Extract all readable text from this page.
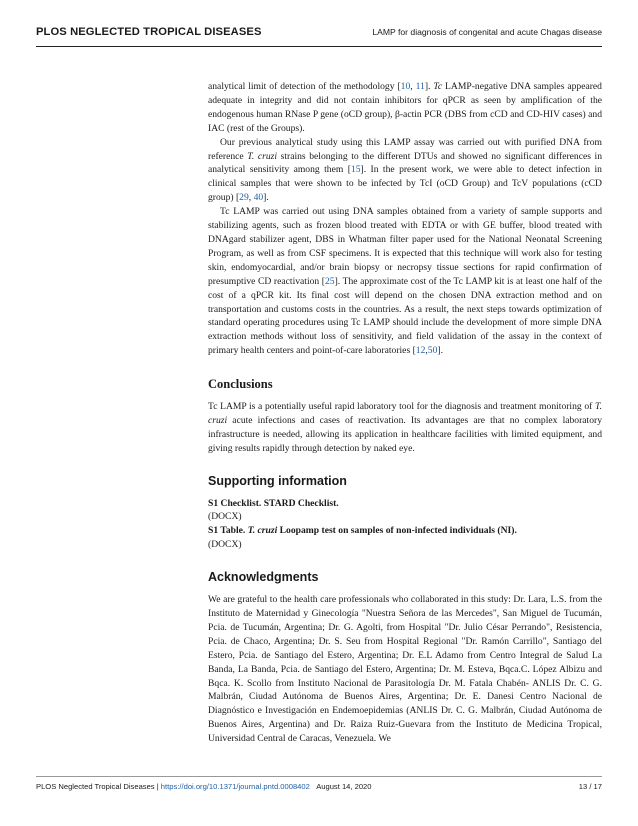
PLOS NEGLECTED TROPICAL DISEASES	LAMP for diagnosis of congenital and acute Chagas disease

analytical limit of detection of the methodology [10, 11]. Tc LAMP-negative DNA samples appeared adequate in integrity and did not contain inhibitors for qPCR as seen by amplification of the endogenous human RNase P gene (oCD group), β-actin PCR (DBS from cCD and CD-HIV cases) and IAC (rest of the Groups).

Our previous analytical study using this LAMP assay was carried out with purified DNA from reference T. cruzi strains belonging to the different DTUs and showed no significant differences in analytical sensitivity among them [15]. In the present work, we were able to detect infection in clinical samples that were shown to be infected by TcI (oCD Group) and TcV populations (cCD group) [29, 40].

Tc LAMP was carried out using DNA samples obtained from a variety of sample supports and stabilizing agents, such as frozen blood treated with EDTA or with GE buffer, blood treated with DNAgard stabilizer agent, DBS in Whatman filter paper used for the National Neonatal Screening Program, as well as from CSF specimens. It is expected that this technique will work also for testing skin, endomyocardial, and/or brain biopsy or necropsy tissue sections for rapid confirmation of presumptive CD reactivation [25]. The approximate cost of the Tc LAMP kit is at least one half of the cost of a qPCR kit. Its final cost will depend on the chosen DNA extraction method and on transportation and customs costs in the countries. As a result, the next steps towards optimization of standard operating procedures using Tc LAMP should include the development of more simple DNA extraction methods without loss of sensitivity, and field validation of the assay in the context of primary health centers and point-of-care laboratories [12,50].

Conclusions

Tc LAMP is a potentially useful rapid laboratory tool for the diagnosis and treatment monitoring of T. cruzi acute infections and cases of reactivation. Its advantages are that no complex laboratory infrastructure is needed, allowing its application in healthcare facilities with limited equipment, and giving results rapidly through detection by naked eye.

Supporting information

S1 Checklist. STARD Checklist.

(DOCX)

S1 Table. T. cruzi Loopamp test on samples of non-infected individuals (NI).

(DOCX)

Acknowledgments

We are grateful to the health care professionals who collaborated in this study: Dr. Lara, L.S. from the Instituto de Maternidad y Ginecología "Nuestra Señora de las Mercedes", San Miguel de Tucumán, Pcia. de Tucumán, Argentina; Dr. G. Agolti, from Hospital "Dr. Julio César Perrando", Resistencia, Pcia. de Chaco, Argentina; Dr. S. Seu from Hospital Regional "Dr. Ramón Carrillo", Santiago del Estero, Pcia. de Santiago del Estero, Argentina; Dr. E.L Adamo from Centro Integral de Salud La Banda, La Banda, Pcia. de Santiago del Estero, Argentina; Dr. M. Esteva, Bqca.C. López Albizu and Bqca. K. Scollo from Instituto Nacional de Parasitología Dr. M. Fatala Chabén- ANLIS Dr. C. G. Malbrán, Ciudad Autónoma de Buenos Aires, Argentina; Dr. E. Danesi Centro Nacional de Diagnóstico e Investigación en Endemoepidemias (ANLIS Dr. C. G. Malbrán, Ciudad Autónoma de Buenos Aires, Argentina) and Dr. Raiza Ruiz-Guevara from the Instituto de Medicina Tropical, Universidad Central de Caracas, Venezuela. We

PLOS Neglected Tropical Diseases | https://doi.org/10.1371/journal.pntd.0008402 August 14, 2020	13 / 17
